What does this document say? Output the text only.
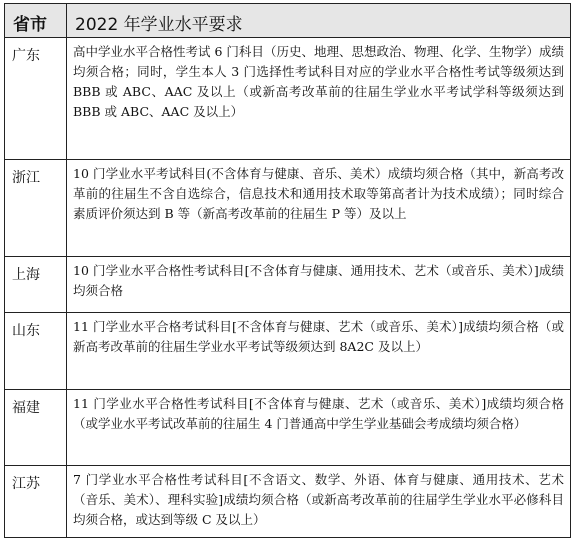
省市	2022 年学业水平要求
广东	高中学业水平合格性考试 6 门科目（历史、地理、思想政治、物理、化学、生物学）成绩均须合格；同时，学生本人 3 门选择性考试科目对应的学业水平合格性考试等级须达到 BBB 或 ABC、AAC 及以上（或新高考改革前的往届生学业水平考试学科等级须达到 BBB 或 ABC、AAC 及以上）
浙江	10 门学业水平考试科目(不含体育与健康、音乐、美术）成绩均须合格（其中，新高考改革前的往届生不含自选综合，信息技术和通用技术取等第高者计为技术成绩）；同时综合素质评价须达到 B 等（新高考改革前的往届生 P 等）及以上
上海	10 门学业水平合格性考试科目[不含体育与健康、通用技术、艺术（或音乐、美术）]成绩均须合格
山东	11 门学业水平合格考试科目[不含体育与健康、艺术（或音乐、美术）]成绩均须合格（或新高考改革前的往届生学业水平考试等级须达到 8A2C 及以上）
福建	11 门学业水平合格性考试科目[不含体育与健康、艺术（或音乐、美术）]成绩均须合格（或学业水平考试改革前的往届生 4 门普通高中学生学业基础会考成绩均须合格）
江苏	7 门学业水平合格性考试科目[不含语文、数学、外语、体育与健康、通用技术、艺术（音乐、美术）、理科实验]成绩均须合格（或新高考改革前的往届学生学业水平必修科目均须合格，或达到等级 C 及以上）
